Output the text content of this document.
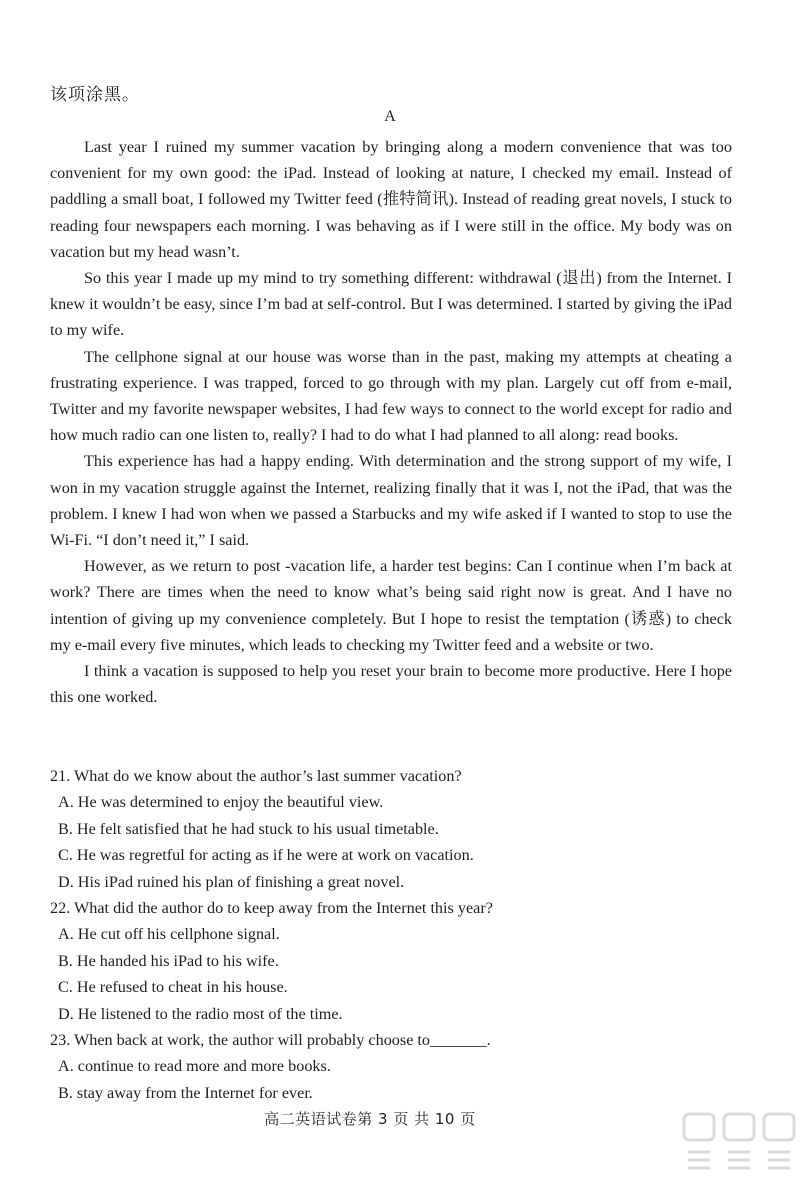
该项涂黑。
A

Last year I ruined my summer vacation by bringing along a modern convenience that was too convenient for my own good: the iPad. Instead of looking at nature, I checked my email. Instead of paddling a small boat, I followed my Twitter feed (推特简讯). Instead of reading great novels, I stuck to reading four newspapers each morning. I was behaving as if I were still in the office. My body was on vacation but my head wasn’t.

So this year I made up my mind to try something different: withdrawal (退出) from the Internet. I knew it wouldn’t be easy, since I’m bad at self-control. But I was determined. I started by giving the iPad to my wife.

The cellphone signal at our house was worse than in the past, making my attempts at cheating a frustrating experience. I was trapped, forced to go through with my plan. Largely cut off from e-mail, Twitter and my favorite newspaper websites, I had few ways to connect to the world except for radio and how much radio can one listen to, really? I had to do what I had planned to all along: read books.

This experience has had a happy ending. With determination and the strong support of my wife, I won in my vacation struggle against the Internet, realizing finally that it was I, not the iPad, that was the problem. I knew I had won when we passed a Starbucks and my wife asked if I wanted to stop to use the Wi-Fi. “I don’t need it,” I said.

However, as we return to post -vacation life, a harder test begins: Can I continue when I’m back at work? There are times when the need to know what’s being said right now is great. And I have no intention of giving up my convenience completely. But I hope to resist the temptation (诱惑) to check my e-mail every five minutes, which leads to checking my Twitter feed and a website or two.

I think a vacation is supposed to help you reset your brain to become more productive. Here I hope this one worked.

21. What do we know about the author’s last summer vacation?
A. He was determined to enjoy the beautiful view.
B. He felt satisfied that he had stuck to his usual timetable.
C. He was regretful for acting as if he were at work on vacation.
D. His iPad ruined his plan of finishing a great novel.
22. What did the author do to keep away from the Internet this year?
A. He cut off his cellphone signal.
B. He handed his iPad to his wife.
C. He refused to cheat in his house.
D. He listened to the radio most of the time.
23. When back at work, the author will probably choose to_______.
A. continue to read more and more books.
B. stay away from the Internet for ever.
高二英语试卷第 3 页 共 10 页
